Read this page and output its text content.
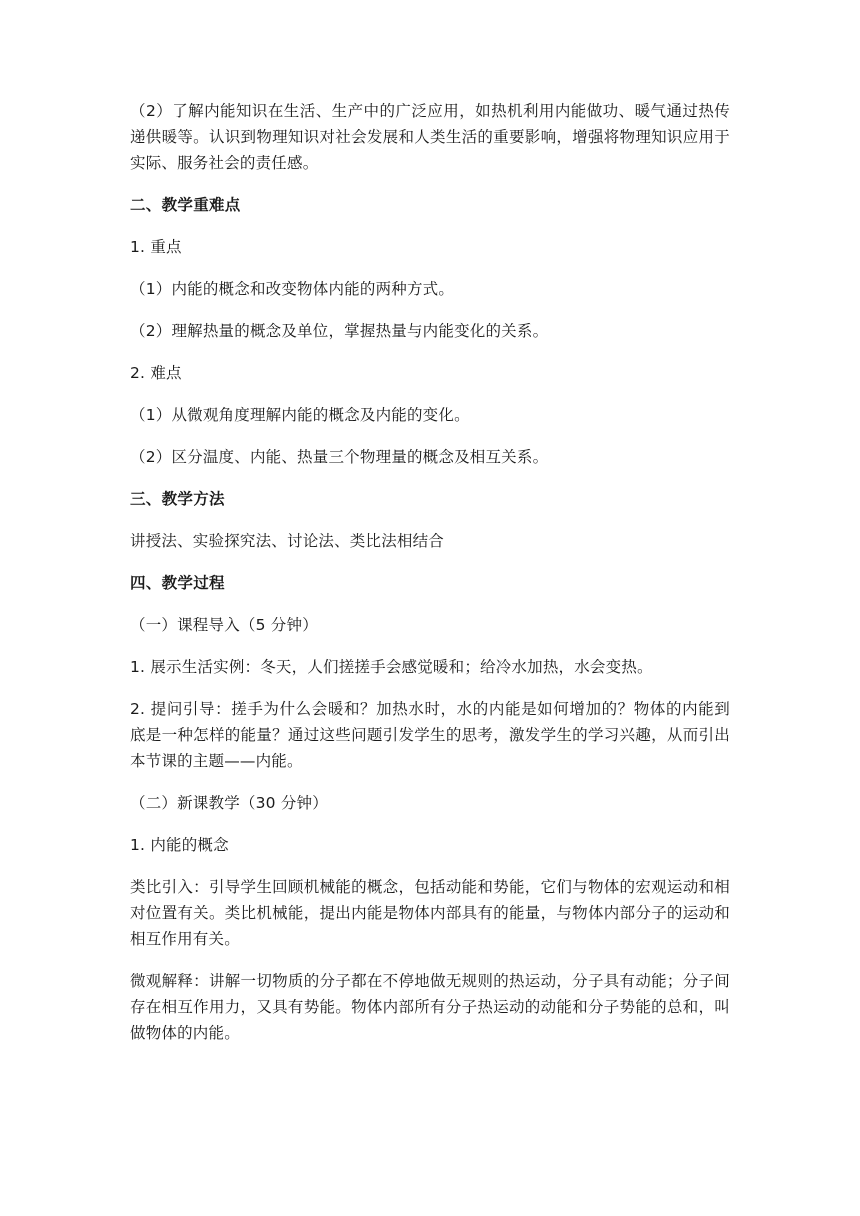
（2）了解内能知识在生活、生产中的广泛应用，如热机利用内能做功、暖气通过热传递供暖等。认识到物理知识对社会发展和人类生活的重要影响，增强将物理知识应用于实际、服务社会的责任感。

二、教学重难点

1. 重点

（1）内能的概念和改变物体内能的两种方式。

（2）理解热量的概念及单位，掌握热量与内能变化的关系。

2. 难点

（1）从微观角度理解内能的概念及内能的变化。

（2）区分温度、内能、热量三个物理量的概念及相互关系。

三、教学方法

讲授法、实验探究法、讨论法、类比法相结合

四、教学过程

（一）课程导入（5 分钟）

1. 展示生活实例：冬天，人们搓搓手会感觉暖和；给冷水加热，水会变热。

2. 提问引导：搓手为什么会暖和？加热水时，水的内能是如何增加的？物体的内能到底是一种怎样的能量？通过这些问题引发学生的思考，激发学生的学习兴趣，从而引出本节课的主题——内能。

（二）新课教学（30 分钟）

1. 内能的概念

类比引入：引导学生回顾机械能的概念，包括动能和势能，它们与物体的宏观运动和相对位置有关。类比机械能，提出内能是物体内部具有的能量，与物体内部分子的运动和相互作用有关。

微观解释：讲解一切物质的分子都在不停地做无规则的热运动，分子具有动能；分子间存在相互作用力，又具有势能。物体内部所有分子热运动的动能和分子势能的总和，叫做物体的内能。
